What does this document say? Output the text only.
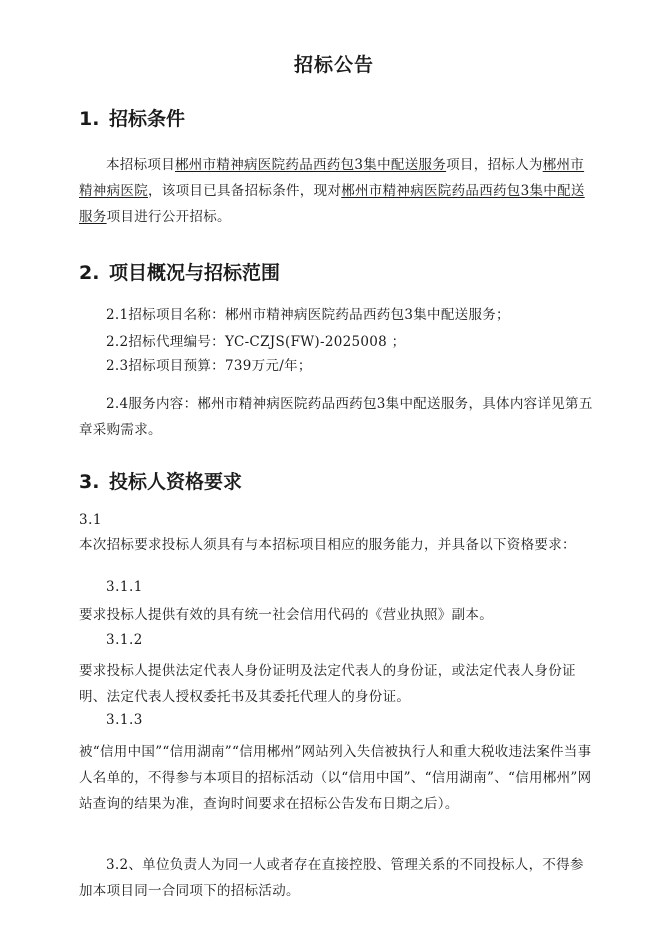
招标公告
1. 招标条件
本招标项目郴州市精神病医院药品西药包3集中配送服务项目，招标人为郴州市精神病医院，该项目已具备招标条件，现对郴州市精神病医院药品西药包3集中配送服务项目进行公开招标。
2. 项目概况与招标范围
2.1招标项目名称：郴州市精神病医院药品西药包3集中配送服务；
2.2招标代理编号：YC-CZJS(FW)-2025008 ；
2.3招标项目预算：739万元/年；
2.4服务内容：郴州市精神病医院药品西药包3集中配送服务，具体内容详见第五章采购需求。
3. 投标人资格要求
3.1
本次招标要求投标人须具有与本招标项目相应的服务能力，并具备以下资格要求：
3.1.1
要求投标人提供有效的具有统一社会信用代码的《营业执照》副本。
3.1.2
要求投标人提供法定代表人身份证明及法定代表人的身份证，或法定代表人身份证明、法定代表人授权委托书及其委托代理人的身份证。
3.1.3
被“信用中国”“信用湖南”“信用郴州”网站列入失信被执行人和重大税收违法案件当事人名单的，不得参与本项目的招标活动（以“信用中国”、“信用湖南”、“信用郴州”网站查询的结果为准，查询时间要求在招标公告发布日期之后）。
3.2、单位负责人为同一人或者存在直接控股、管理关系的不同投标人，不得参加本项目同一合同项下的招标活动。
